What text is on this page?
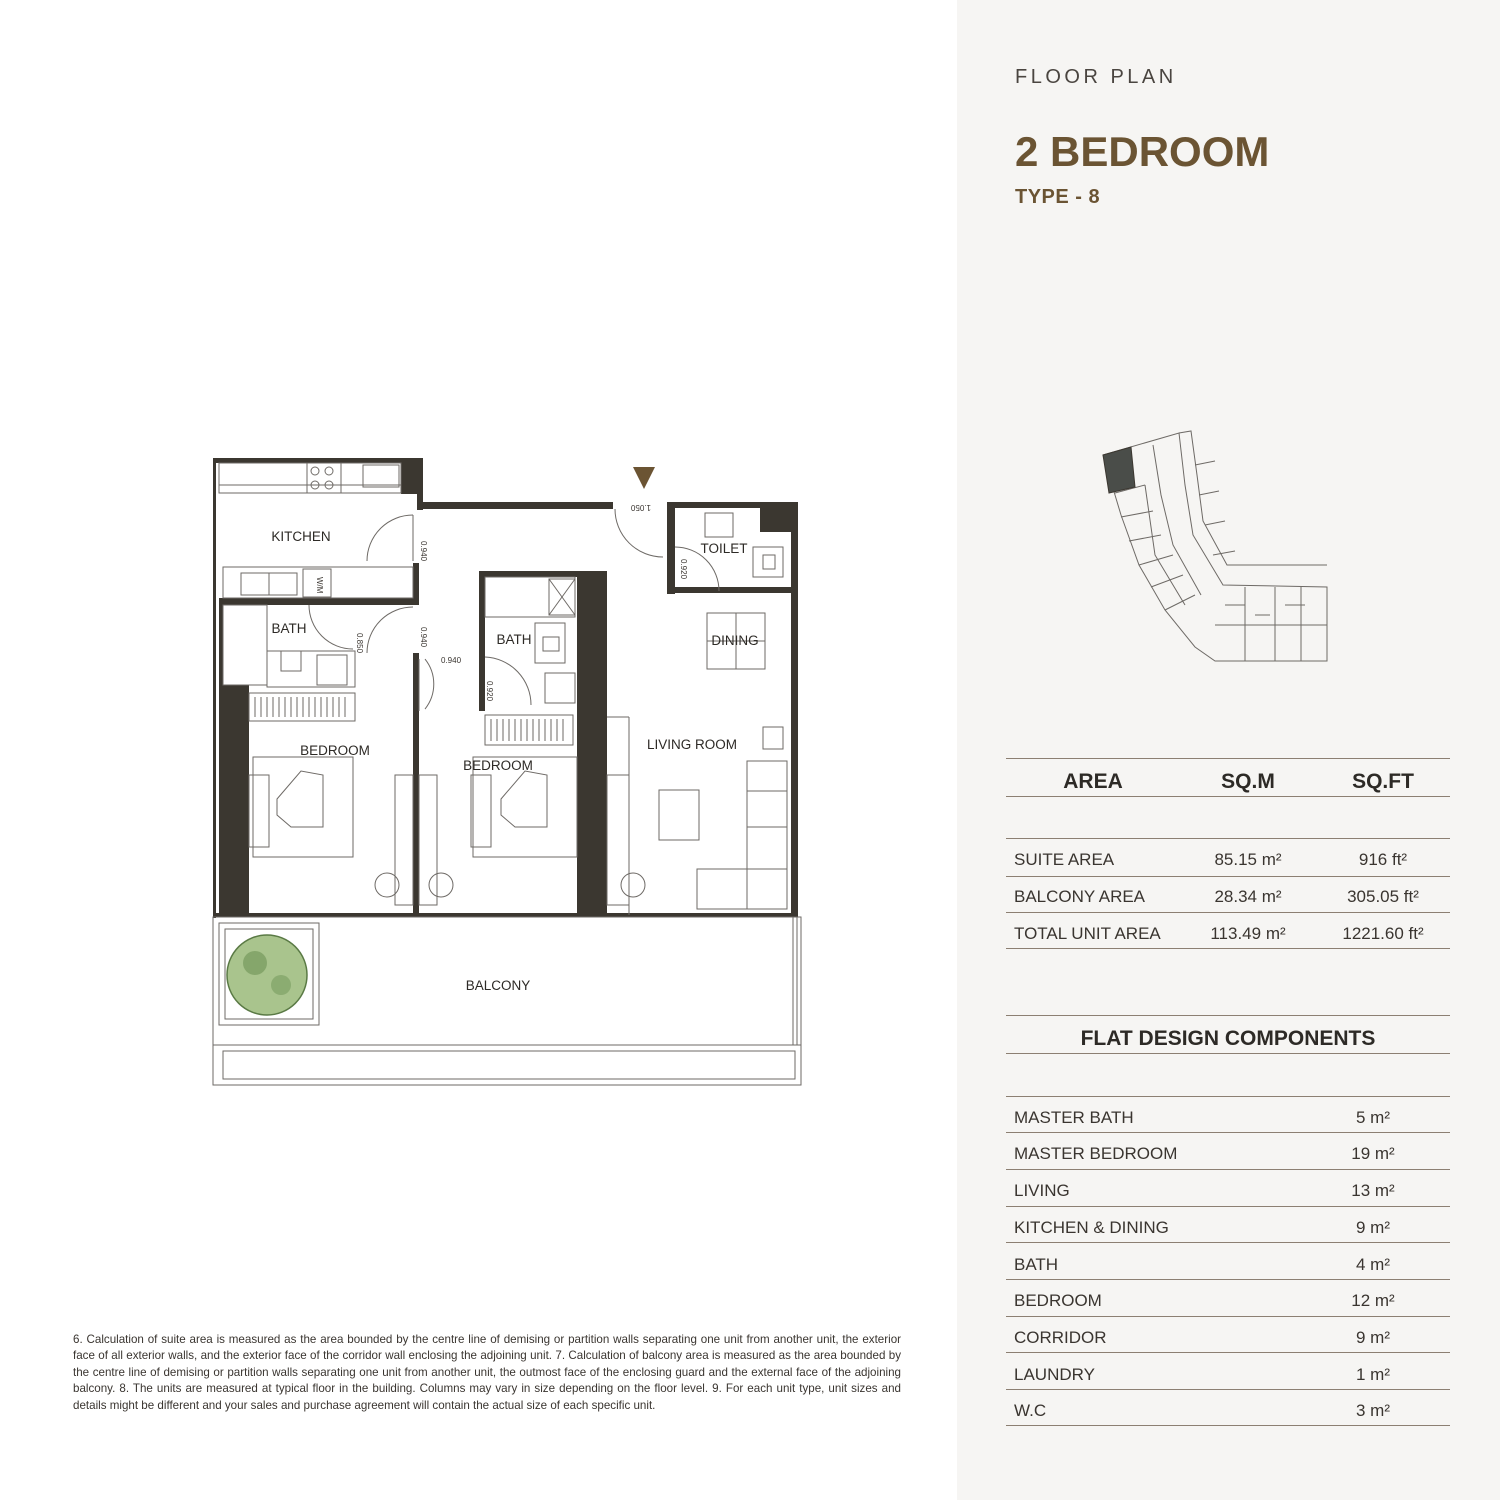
FLOOR PLAN
2 BEDROOM
TYPE - 8
AREA	SQ.M	SQ.FT
SUITE AREA	85.15 m²	916 ft²
BALCONY AREA	28.34 m²	305.05 ft²
TOTAL UNIT AREA	113.49 m²	1221.60 ft²
FLAT DESIGN COMPONENTS
MASTER BATH	5 m²
MASTER BEDROOM	19 m²
LIVING	13 m²
KITCHEN & DINING	9 m²
BATH	4 m²
BEDROOM	12 m²
CORRIDOR	9 m²
LAUNDRY	1 m²
W.C	3 m²
6. Calculation of suite area is measured as the area bounded by the centre line of demising or partition walls separating one unit from another unit, the exterior face of all exterior walls, and the exterior face of the corridor wall enclosing the adjoining unit. 7. Calculation of balcony area is measured as the area bounded by the centre line of demising or partition walls separating one unit from another unit, the outmost face of the enclosing guard and the external face of the adjoining balcony. 8. The units are measured at typical floor in the building. Columns may vary in size depending on the floor level. 9. For each unit type, unit sizes and details might be different and your sales and purchase agreement will contain the actual size of each specific unit.
KITCHEN
TOILET
DINING
BATH
BATH
BEDROOM
BEDROOM
LIVING ROOM
BALCONY
0.940
0.850	0.940
0.940
0.920
0.920
1.050
W/M
